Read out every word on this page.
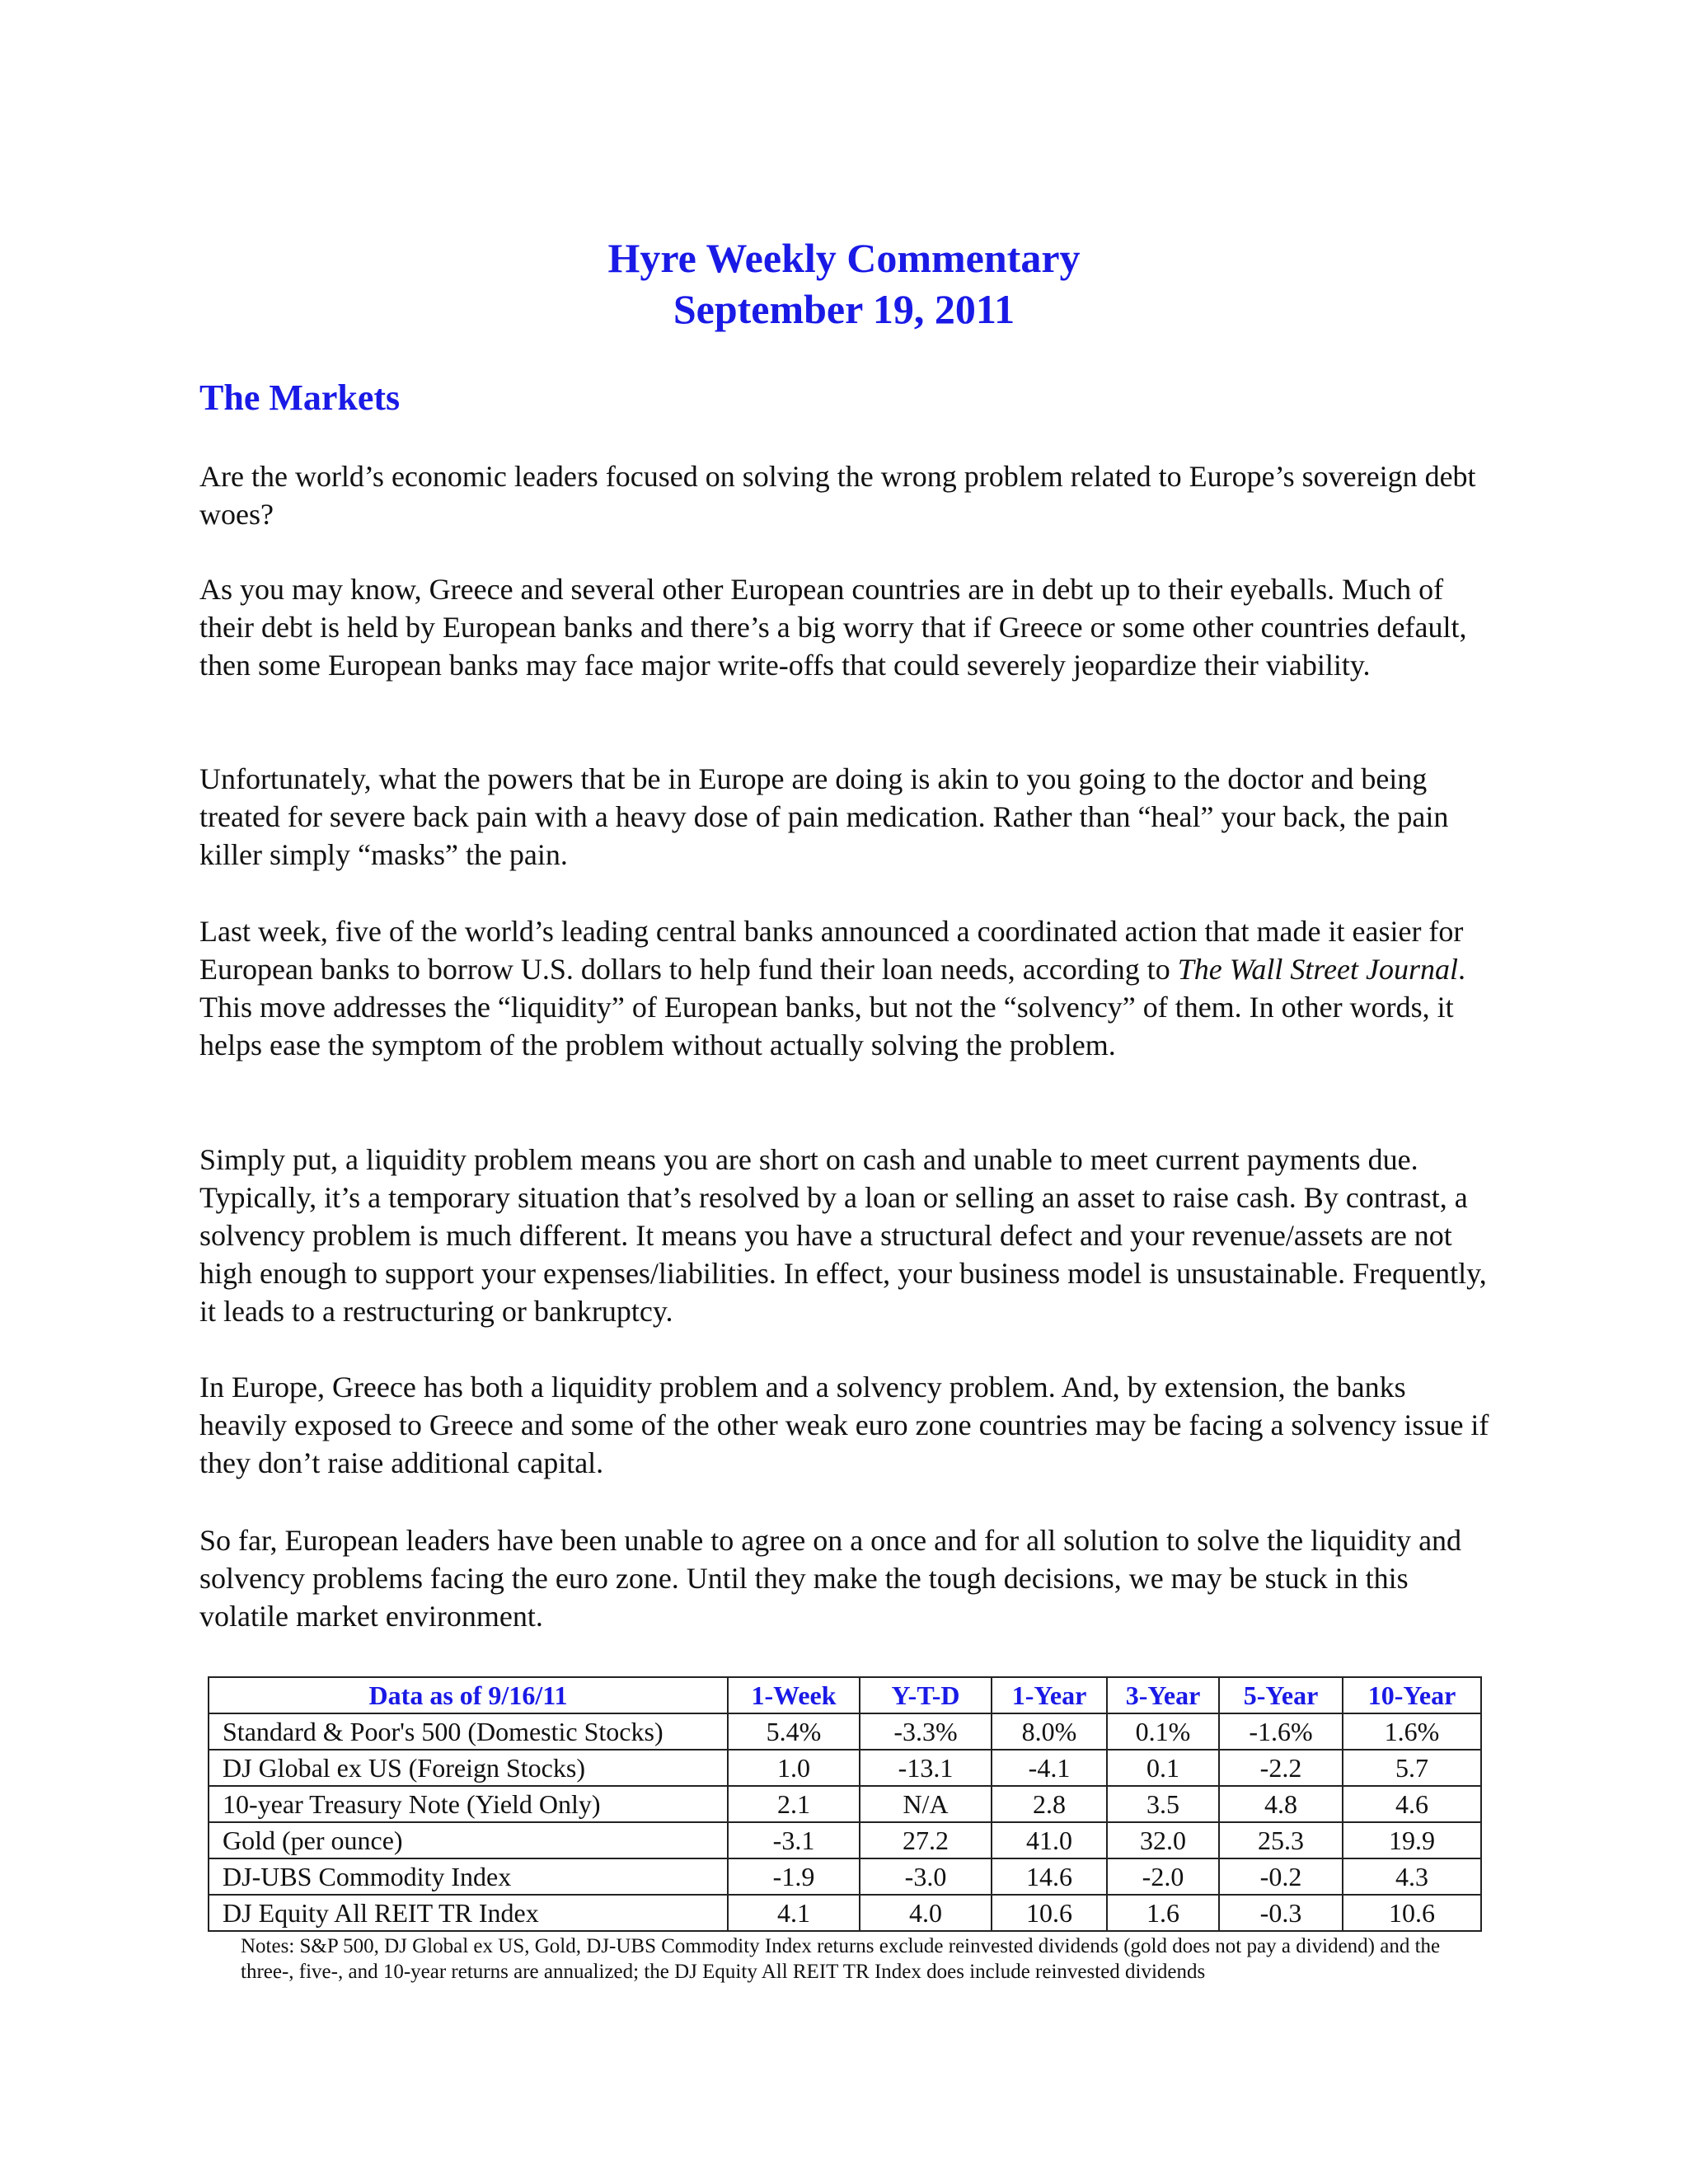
Hyre Weekly Commentary
September 19, 2011
The Markets

Are the world’s economic leaders focused on solving the wrong problem related to Europe’s sovereign debt woes?

As you may know, Greece and several other European countries are in debt up to their eyeballs. Much of their debt is held by European banks and there’s a big worry that if Greece or some other countries default, then some European banks may face major write-offs that could severely jeopardize their viability.

Unfortunately, what the powers that be in Europe are doing is akin to you going to the doctor and being treated for severe back pain with a heavy dose of pain medication. Rather than “heal” your back, the pain killer simply “masks” the pain.

Last week, five of the world’s leading central banks announced a coordinated action that made it easier for European banks to borrow U.S. dollars to help fund their loan needs, according to The Wall Street Journal. This move addresses the “liquidity” of European banks, but not the “solvency” of them. In other words, it helps ease the symptom of the problem without actually solving the problem.

Simply put, a liquidity problem means you are short on cash and unable to meet current payments due. Typically, it’s a temporary situation that’s resolved by a loan or selling an asset to raise cash. By contrast, a solvency problem is much different. It means you have a structural defect and your revenue/assets are not high enough to support your expenses/liabilities. In effect, your business model is unsustainable. Frequently, it leads to a restructuring or bankruptcy.

In Europe, Greece has both a liquidity problem and a solvency problem. And, by extension, the banks heavily exposed to Greece and some of the other weak euro zone countries may be facing a solvency issue if they don’t raise additional capital.

So far, European leaders have been unable to agree on a once and for all solution to solve the liquidity and solvency problems facing the euro zone. Until they make the tough decisions, we may be stuck in this volatile market environment.

Data as of 9/16/11	1-Week	Y-T-D	1-Year	3-Year	5-Year	10-Year
Standard & Poor's 500 (Domestic Stocks)	5.4%	-3.3%	8.0%	0.1%	-1.6%	1.6%
DJ Global ex US (Foreign Stocks)	1.0	-13.1	-4.1	0.1	-2.2	5.7
10-year Treasury Note (Yield Only)	2.1	N/A	2.8	3.5	4.8	4.6
Gold (per ounce)	-3.1	27.2	41.0	32.0	25.3	19.9
DJ-UBS Commodity Index	-1.9	-3.0	14.6	-2.0	-0.2	4.3
DJ Equity All REIT TR Index	4.1	4.0	10.6	1.6	-0.3	10.6

Notes: S&P 500, DJ Global ex US, Gold, DJ-UBS Commodity Index returns exclude reinvested dividends (gold does not pay a dividend) and the three-, five-, and 10-year returns are annualized; the DJ Equity All REIT TR Index does include reinvested dividends
